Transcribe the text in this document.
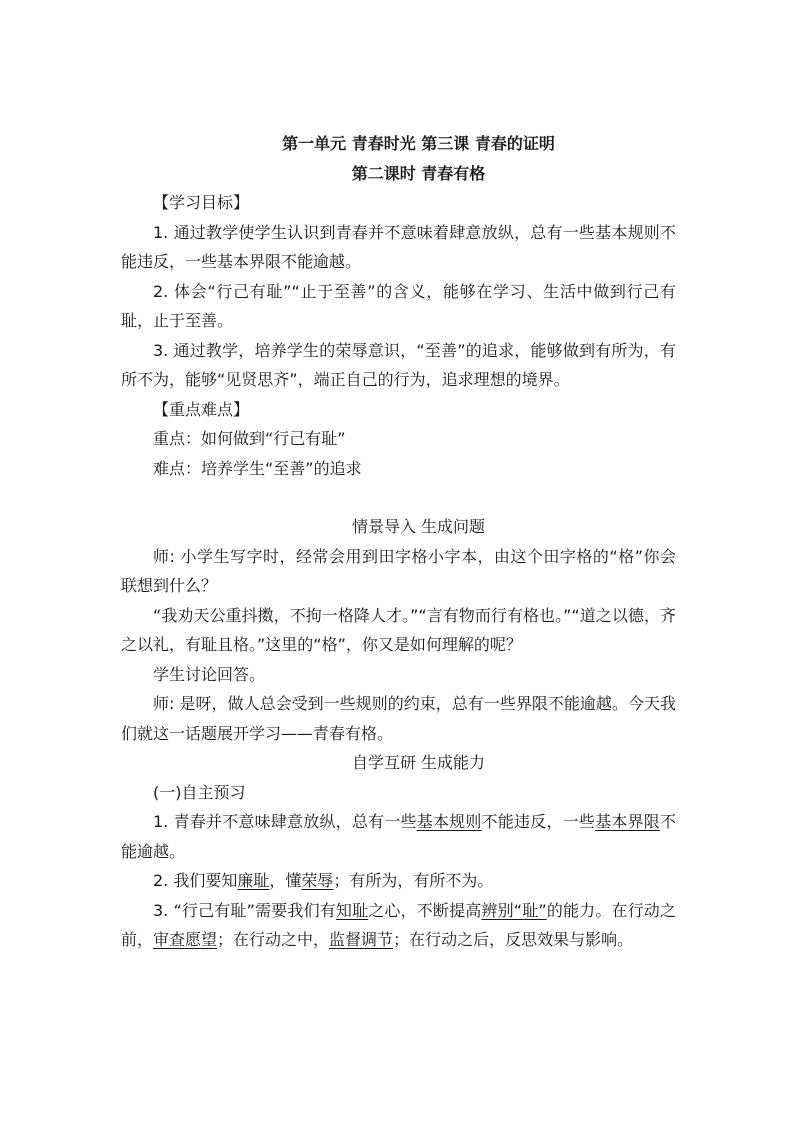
第一单元 青春时光 第三课 青春的证明
第二课时 青春有格

【学习目标】

1. 通过教学使学生认识到青春并不意味着肆意放纵，总有一些基本规则不能违反，一些基本界限不能逾越。

2. 体会“行己有耻”“止于至善”的含义，能够在学习、生活中做到行己有耻，止于至善。

3. 通过教学，培养学生的荣辱意识，“至善”的追求，能够做到有所为，有所不为，能够“见贤思齐”，端正自己的行为，追求理想的境界。

【重点难点】

重点：如何做到“行己有耻”

难点：培养学生“至善”的追求

情景导入 生成问题

师: 小学生写字时，经常会用到田字格小字本，由这个田字格的“格”你会联想到什么？

“我劝天公重抖擞，不拘一格降人才。”“言有物而行有格也。”“道之以德，齐之以礼，有耻且格。”这里的“格”，你又是如何理解的呢？

学生讨论回答。

师: 是呀，做人总会受到一些规则的约束，总有一些界限不能逾越。今天我们就这一话题展开学习——青春有格。

自学互研 生成能力

(一)自主预习

1. 青春并不意味肆意放纵，总有一些基本规则不能违反，一些基本界限不能逾越。

2. 我们要知廉耻，懂荣辱；有所为，有所不为。

3. “行己有耻”需要我们有知耻之心，不断提高辨别“耻”的能力。在行动之前，审查愿望；在行动之中，监督调节；在行动之后，反思效果与影响。
